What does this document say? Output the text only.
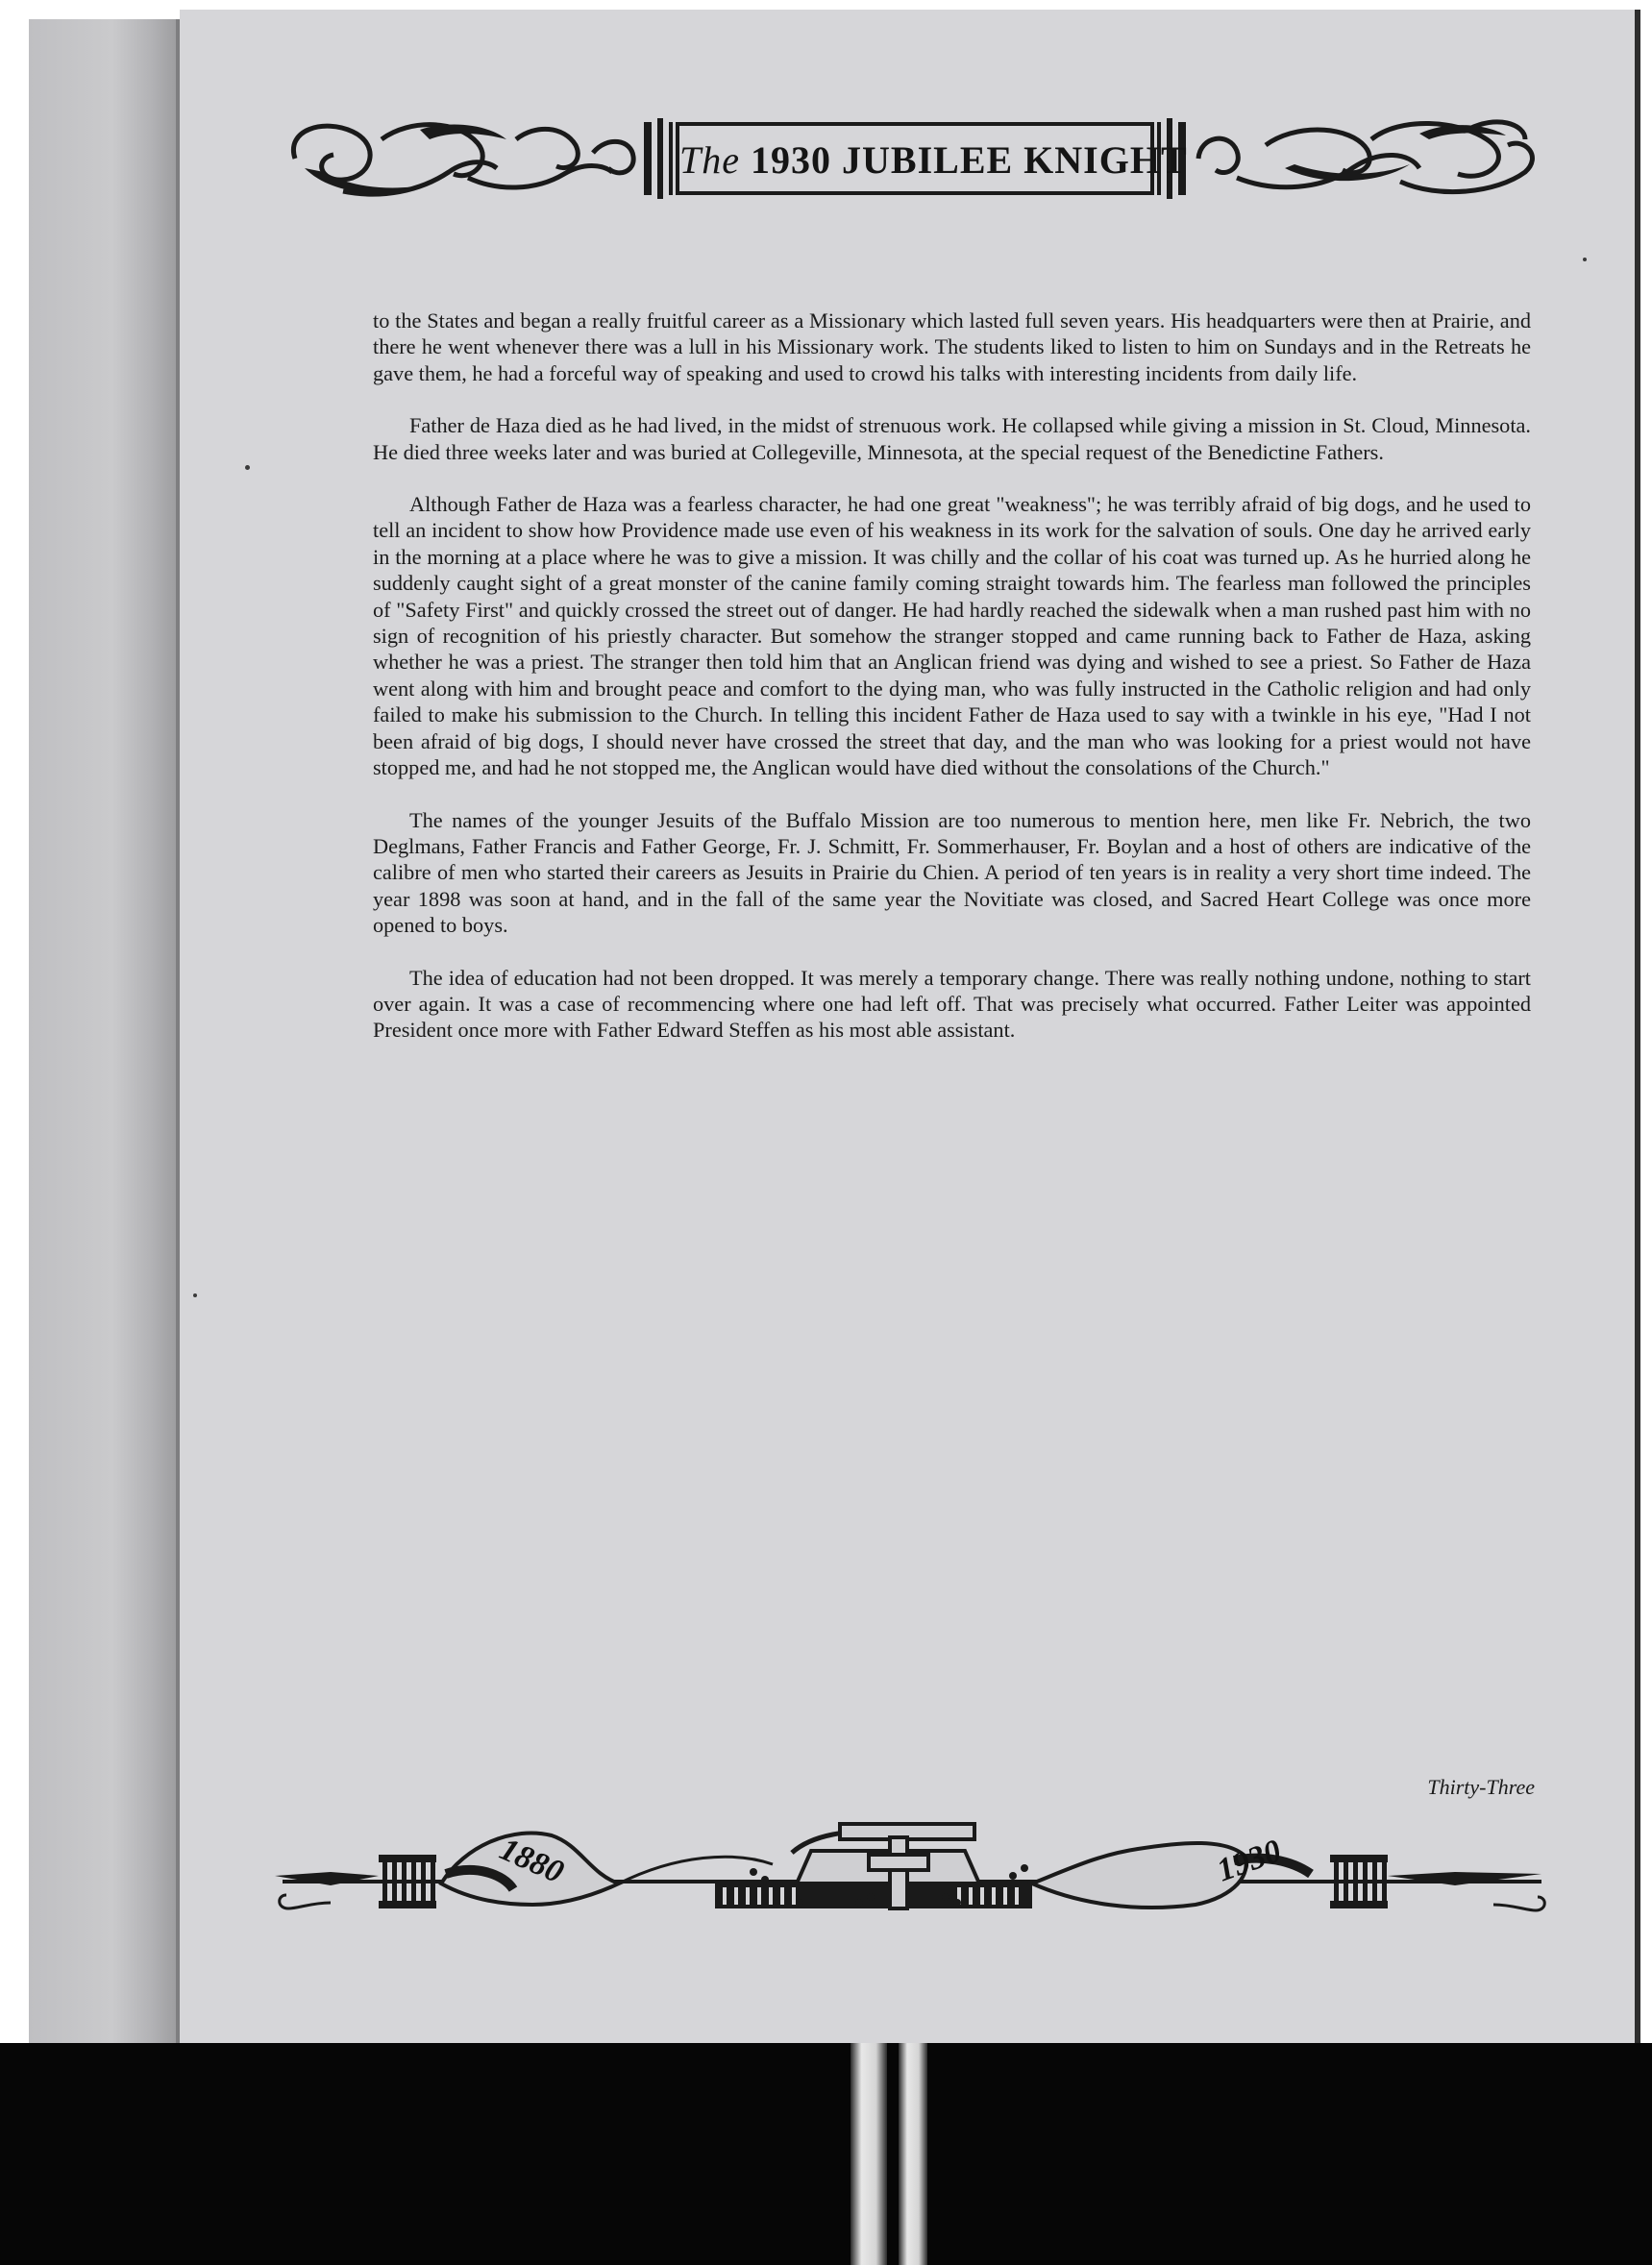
The 1930 JUBILEE KNIGHT

to the States and began a really fruitful career as a Missionary which lasted full seven years. His headquarters were then at Prairie, and there he went whenever there was a lull in his Missionary work. The students liked to listen to him on Sundays and in the Retreats he gave them, he had a forceful way of speaking and used to crowd his talks with interesting incidents from daily life.

Father de Haza died as he had lived, in the midst of strenuous work. He collapsed while giving a mission in St. Cloud, Minnesota. He died three weeks later and was buried at Collegeville, Minnesota, at the special request of the Benedictine Fathers.

Although Father de Haza was a fearless character, he had one great "weakness"; he was terribly afraid of big dogs, and he used to tell an incident to show how Providence made use even of his weakness in its work for the salvation of souls. One day he arrived early in the morning at a place where he was to give a mission. It was chilly and the collar of his coat was turned up. As he hurried along he suddenly caught sight of a great monster of the canine family coming straight towards him. The fearless man followed the principles of "Safety First" and quickly crossed the street out of danger. He had hardly reached the sidewalk when a man rushed past him with no sign of recognition of his priestly character. But somehow the stranger stopped and came running back to Father de Haza, asking whether he was a priest. The stranger then told him that an Anglican friend was dying and wished to see a priest. So Father de Haza went along with him and brought peace and comfort to the dying man, who was fully instructed in the Catholic religion and had only failed to make his submission to the Church. In telling this incident Father de Haza used to say with a twinkle in his eye, "Had I not been afraid of big dogs, I should never have crossed the street that day, and the man who was looking for a priest would not have stopped me, and had he not stopped me, the Anglican would have died without the consolations of the Church."

The names of the younger Jesuits of the Buffalo Mission are too numerous to mention here, men like Fr. Nebrich, the two Deglmans, Father Francis and Father George, Fr. J. Schmitt, Fr. Sommerhauser, Fr. Boylan and a host of others are indicative of the calibre of men who started their careers as Jesuits in Prairie du Chien. A period of ten years is in reality a very short time indeed. The year 1898 was soon at hand, and in the fall of the same year the Novitiate was closed, and Sacred Heart College was once more opened to boys.

The idea of education had not been dropped. It was merely a temporary change. There was really nothing undone, nothing to start over again. It was a case of recommencing where one had left off. That was precisely what occurred. Father Leiter was appointed President once more with Father Edward Steffen as his most able assistant.

Thirty-Three
1880	1930
